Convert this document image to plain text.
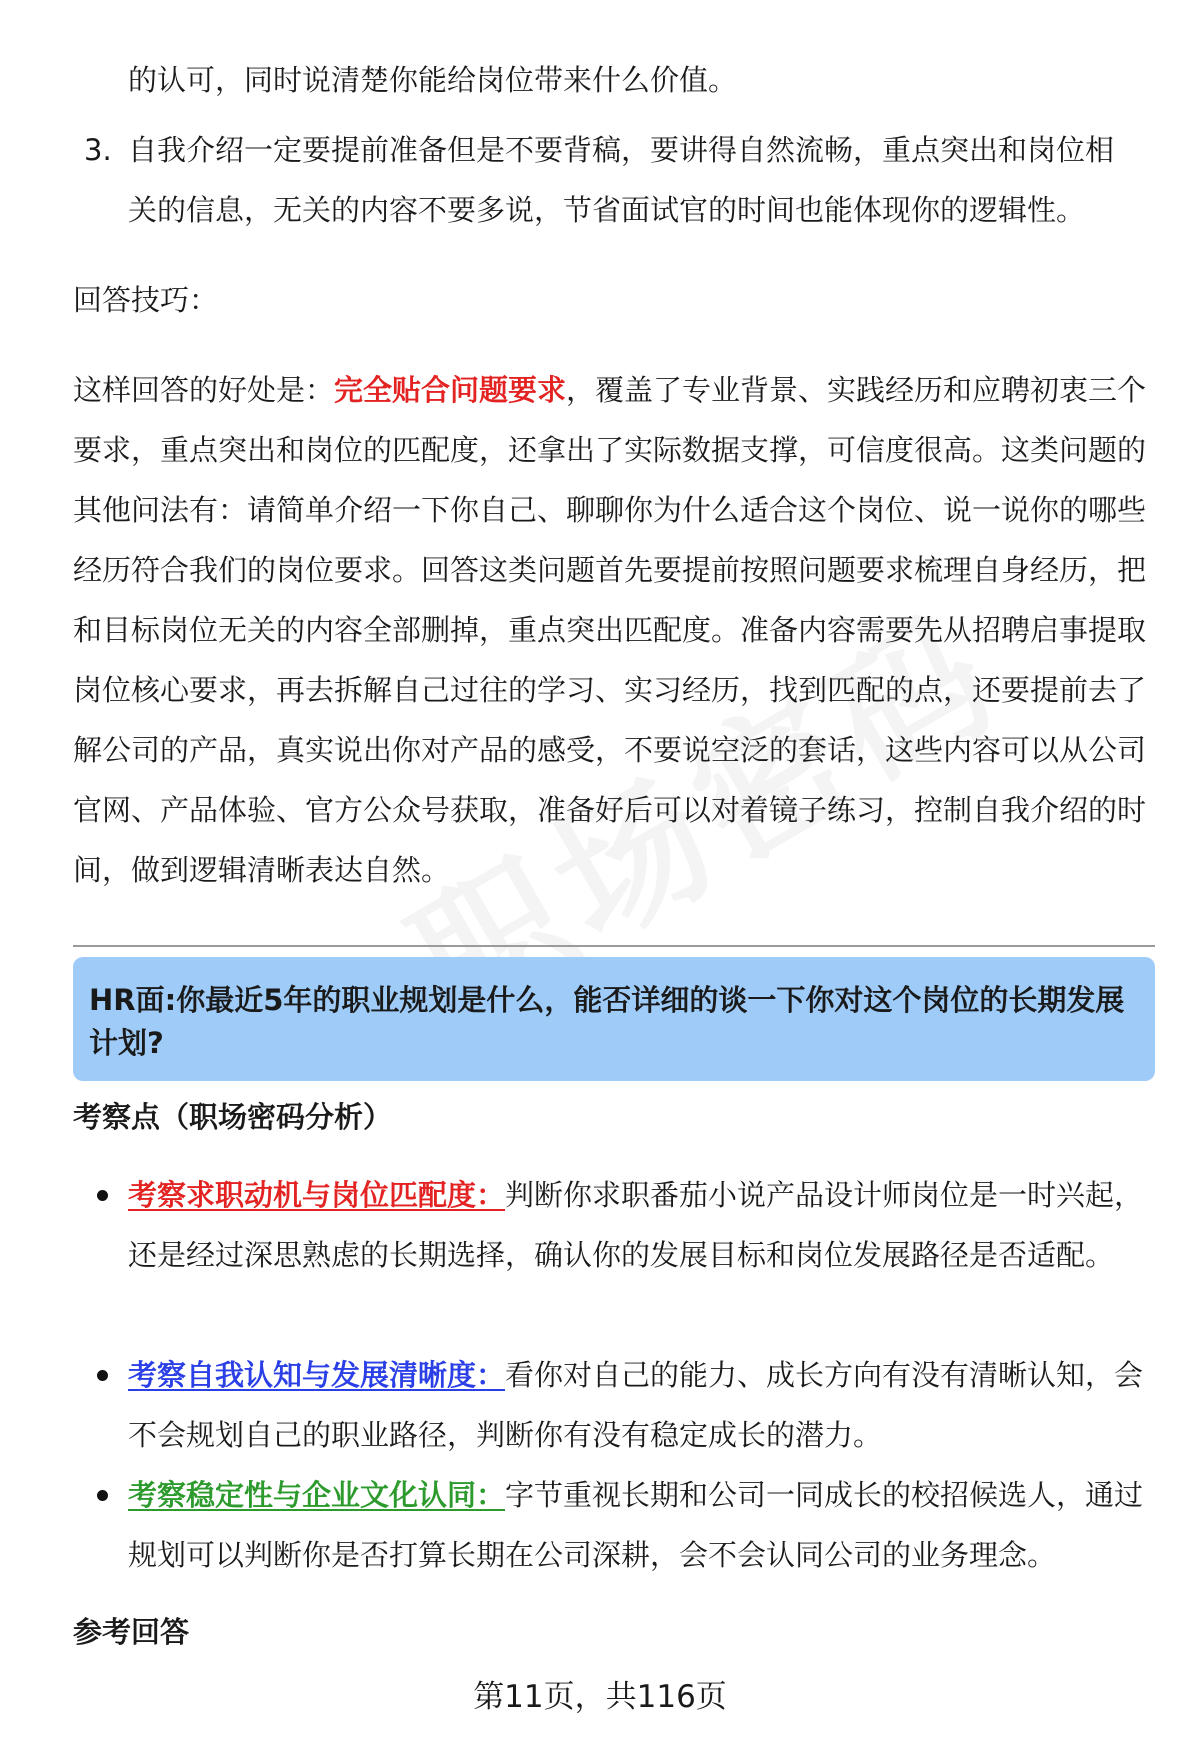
的认可，同时说清楚你能给岗位带来什么价值。

3. 自我介绍一定要提前准备但是不要背稿，要讲得自然流畅，重点突出和岗位相

关的信息，无关的内容不要多说，节省面试官的时间也能体现你的逻辑性。

回答技巧：

这样回答的好处是：完全贴合问题要求，覆盖了专业背景、实践经历和应聘初衷三个要求，重点突出和岗位的匹配度，还拿出了实际数据支撑，可信度很高。这类问题的其他问法有：请简单介绍一下你自己、聊聊你为什么适合这个岗位、说一说你的哪些经历符合我们的岗位要求。回答这类问题首先要提前按照问题要求梳理自身经历，把和目标岗位无关的内容全部删掉，重点突出匹配度。准备内容需要先从招聘启事提取岗位核心要求，再去拆解自己过往的学习、实习经历，找到匹配的点，还要提前去了解公司的产品，真实说出你对产品的感受，不要说空泛的套话，这些内容可以从公司官网、产品体验、官方公众号获取，准备好后可以对着镜子练习，控制自我介绍的时间，做到逻辑清晰表达自然。

HR面:你最近5年的职业规划是什么，能否详细的谈一下你对这个岗位的长期发展计划?
考察点（职场密码分析）

考察求职动机与岗位匹配度：判断你求职番茄小说产品设计师岗位是一时兴起，还是经过深思熟虑的长期选择，确认你的发展目标和岗位发展路径是否适配。

考察自我认知与发展清晰度：看你对自己的能力、成长方向有没有清晰认知，会不会规划自己的职业路径，判断你有没有稳定成长的潜力。

考察稳定性与企业文化认同：字节重视长期和公司一同成长的校招候选人，通过规划可以判断你是否打算长期在公司深耕，会不会认同公司的业务理念。

参考回答
第11页，共116页
